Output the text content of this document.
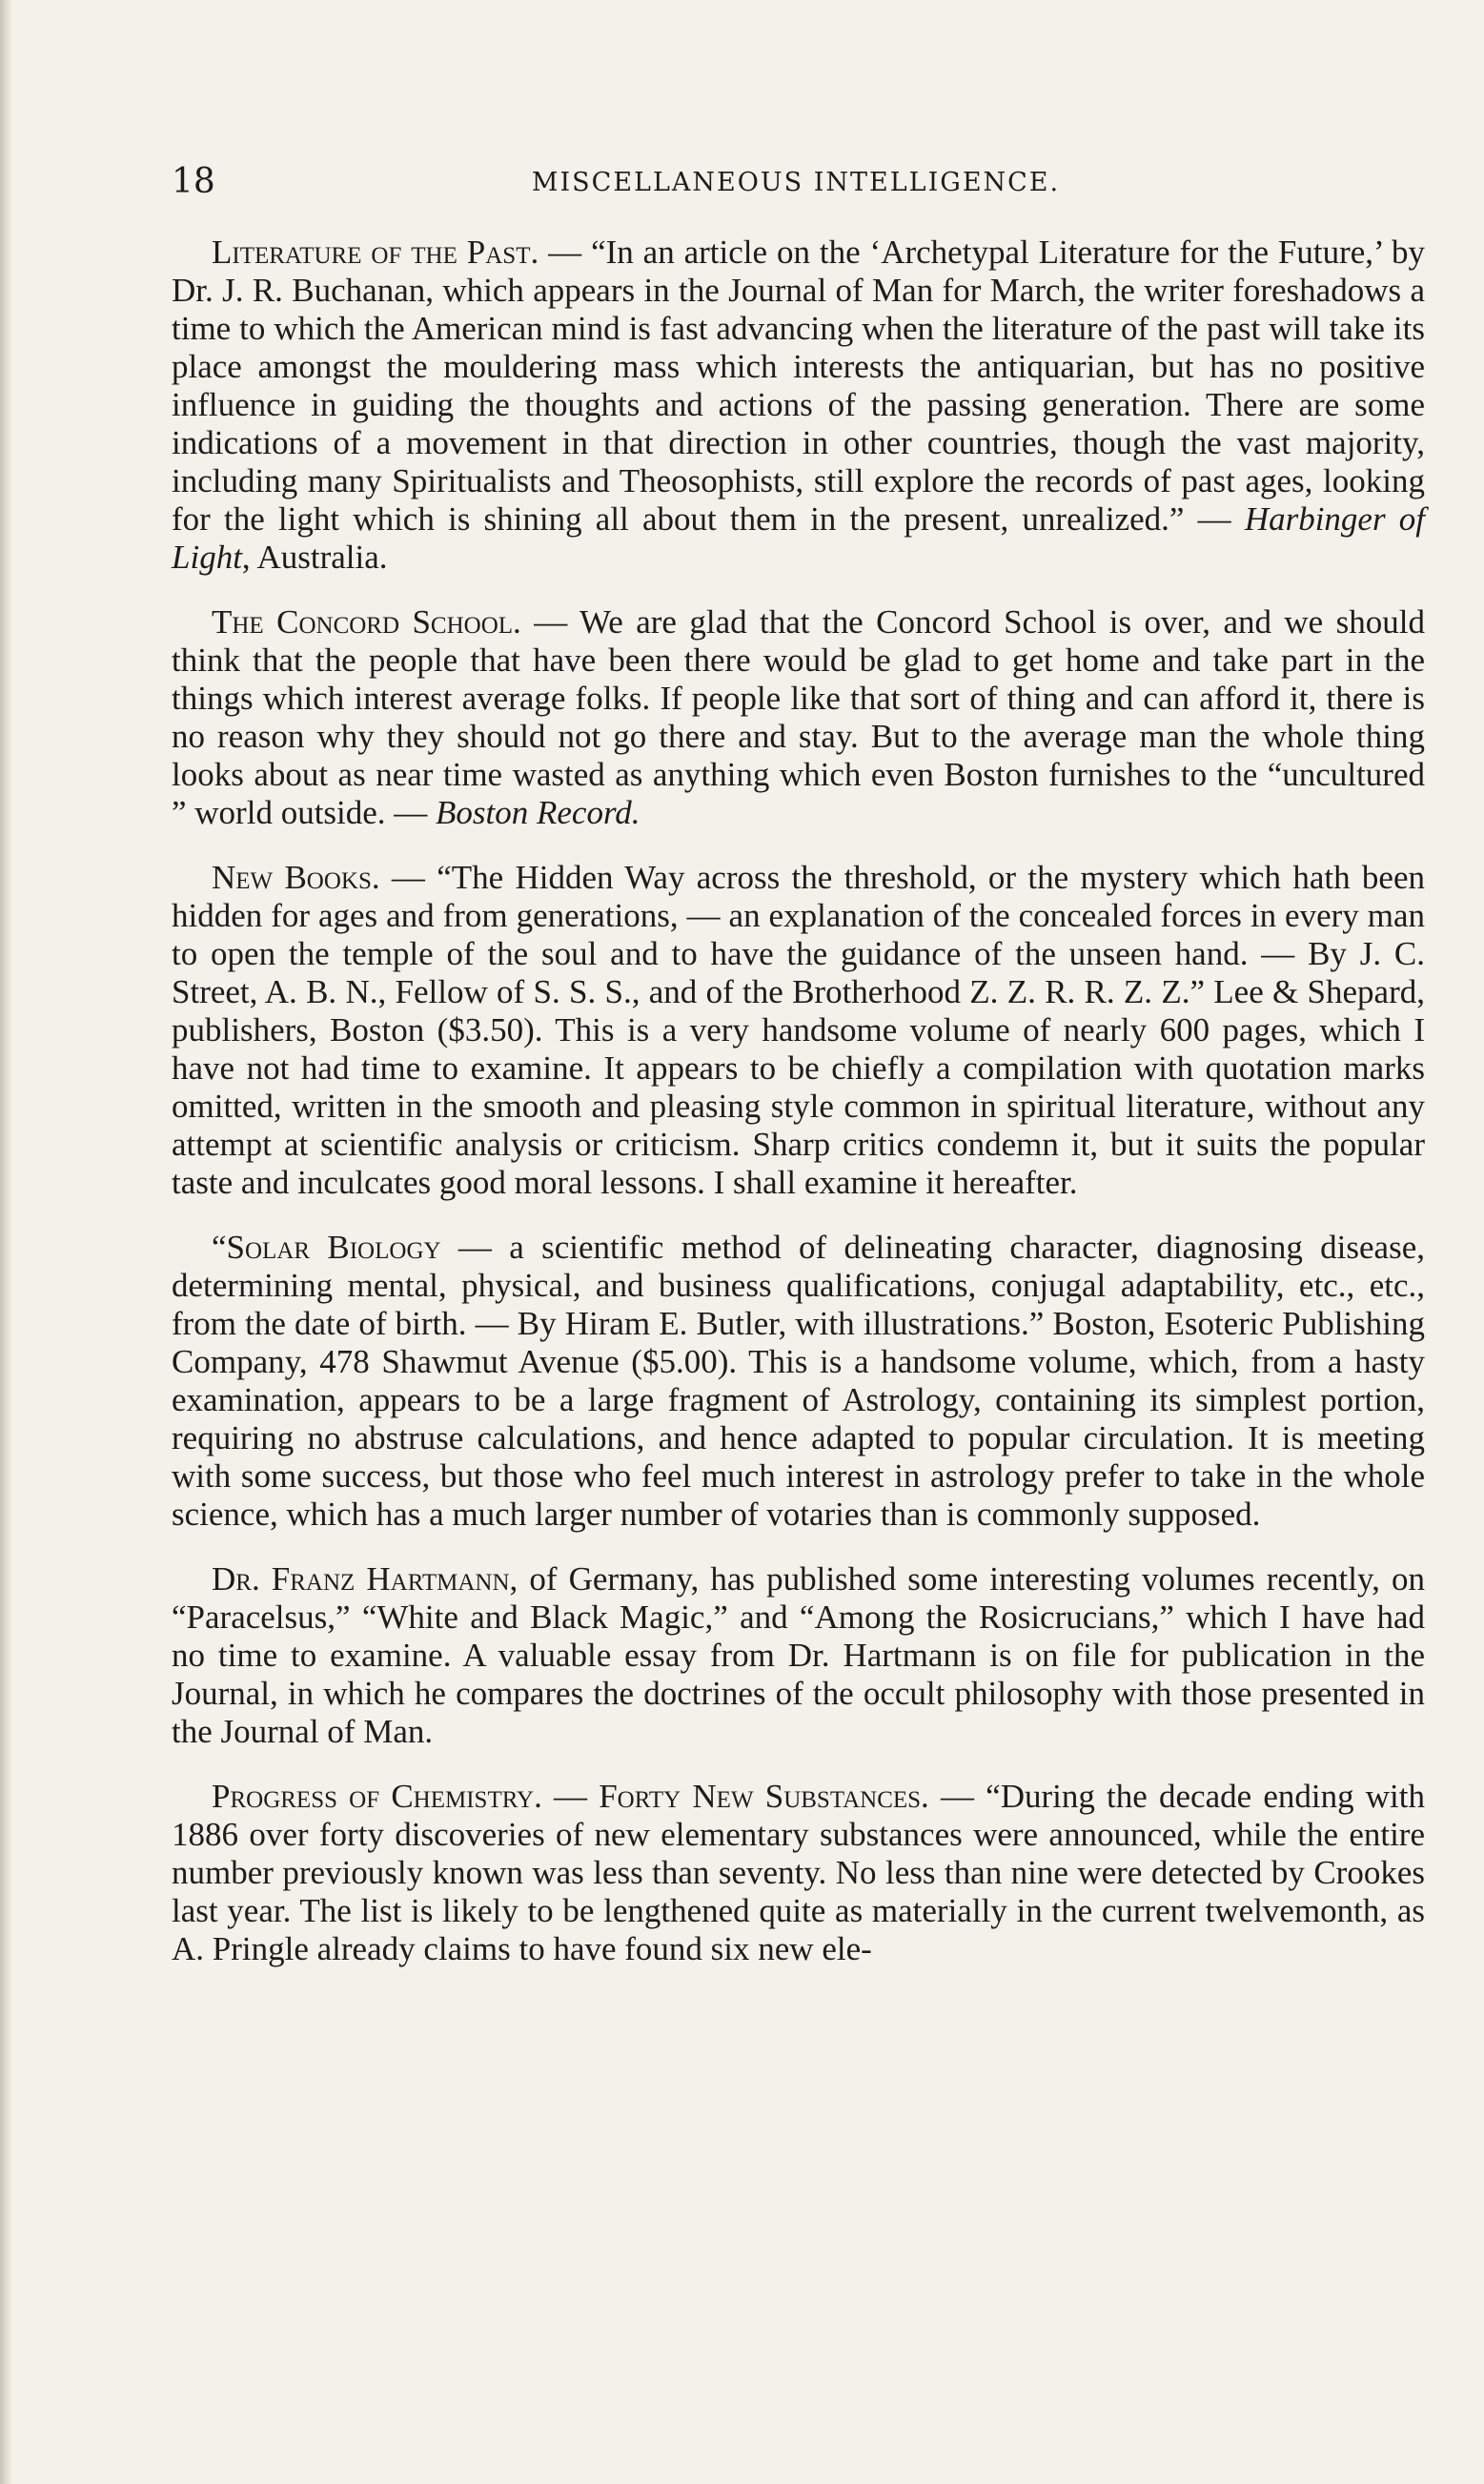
18	MISCELLANEOUS INTELLIGENCE.

Literature of the Past. — “In an article on the ‘Archetypal Literature for the Future,’ by Dr. J. R. Buchanan, which appears in the Journal of Man for March, the writer foreshadows a time to which the American mind is fast advancing when the literature of the past will take its place amongst the mouldering mass which interests the antiquarian, but has no positive influence in guiding the thoughts and actions of the passing generation. There are some indications of a movement in that direction in other countries, though the vast majority, including many Spiritualists and Theosophists, still explore the records of past ages, looking for the light which is shining all about them in the present, unrealized.” — Harbinger of Light, Australia.

The Concord School. — We are glad that the Concord School is over, and we should think that the people that have been there would be glad to get home and take part in the things which interest average folks. If people like that sort of thing and can afford it, there is no reason why they should not go there and stay. But to the average man the whole thing looks about as near time wasted as anything which even Boston furnishes to the “uncultured ” world outside. — Boston Record.

New Books. — “The Hidden Way across the threshold, or the mystery which hath been hidden for ages and from generations, — an explanation of the concealed forces in every man to open the temple of the soul and to have the guidance of the unseen hand. — By J. C. Street, A. B. N., Fellow of S. S. S., and of the Brotherhood Z. Z. R. R. Z. Z.” Lee & Shepard, publishers, Boston ($3.50). This is a very handsome volume of nearly 600 pages, which I have not had time to examine. It appears to be chiefly a compilation with quotation marks omitted, written in the smooth and pleasing style common in spiritual literature, without any attempt at scientific analysis or criticism. Sharp critics condemn it, but it suits the popular taste and inculcates good moral lessons. I shall examine it hereafter.

“Solar Biology — a scientific method of delineating character, diagnosing disease, determining mental, physical, and business qualifications, conjugal adaptability, etc., etc., from the date of birth. — By Hiram E. Butler, with illustrations.” Boston, Esoteric Publishing Company, 478 Shawmut Avenue ($5.00). This is a handsome volume, which, from a hasty examination, appears to be a large fragment of Astrology, containing its simplest portion, requiring no abstruse calculations, and hence adapted to popular circulation. It is meeting with some success, but those who feel much interest in astrology prefer to take in the whole science, which has a much larger number of votaries than is commonly supposed.

Dr. Franz Hartmann, of Germany, has published some interesting volumes recently, on “Paracelsus,” “White and Black Magic,” and “Among the Rosicrucians,” which I have had no time to examine. A valuable essay from Dr. Hartmann is on file for publication in the Journal, in which he compares the doctrines of the occult philosophy with those presented in the Journal of Man.

Progress of Chemistry. — Forty New Substances. — “During the decade ending with 1886 over forty discoveries of new elementary substances were announced, while the entire number previously known was less than seventy. No less than nine were detected by Crookes last year. The list is likely to be lengthened quite as materially in the current twelvemonth, as A. Pringle already claims to have found six new ele-
